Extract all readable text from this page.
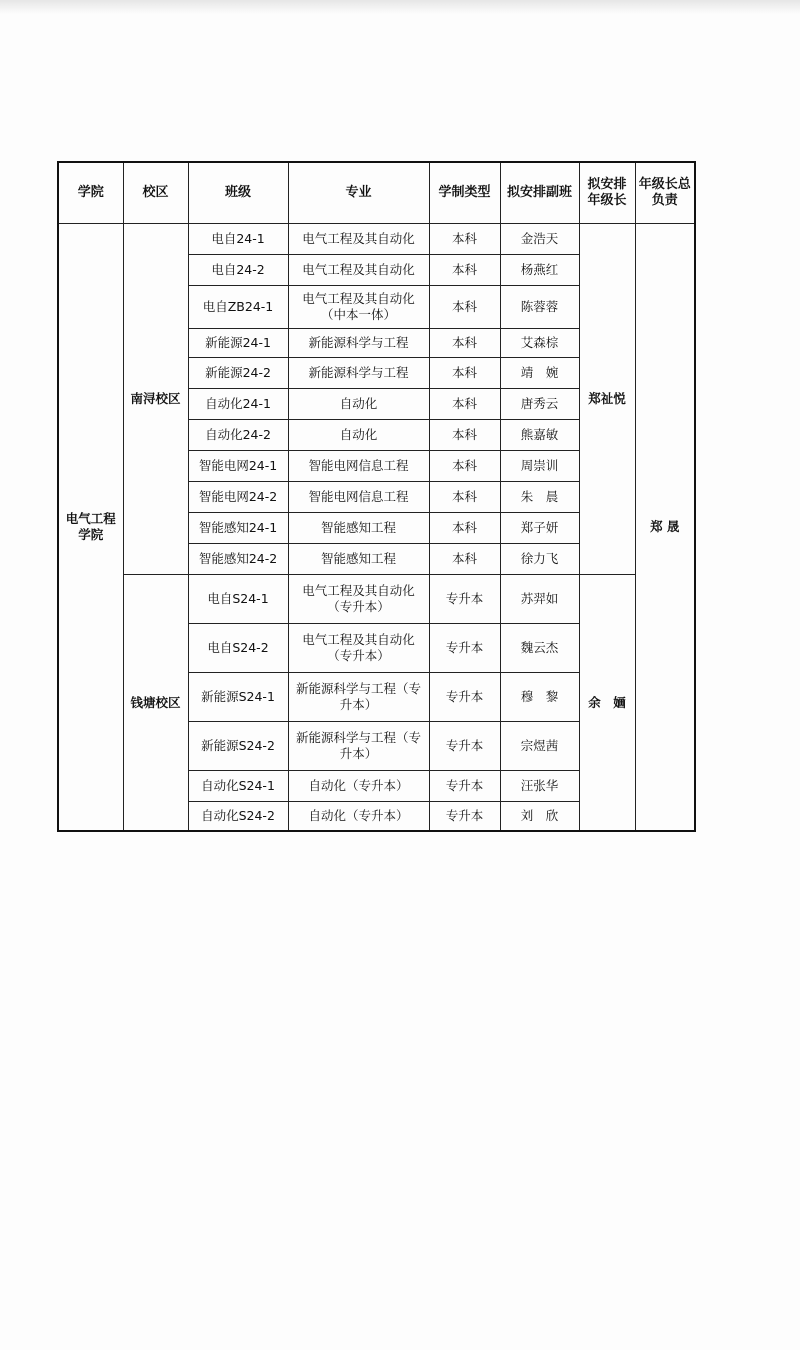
学院	校区	班级	专业	学制类型	拟安排副班	拟安排年级长	年级长总负责
电气工程学院	南浔校区	电自24-1	电气工程及其自动化	本科	金浩天	郑祉悦	郑 晟
		电自24-2	电气工程及其自动化	本科	杨燕红		
		电自ZB24-1	电气工程及其自动化（中本一体）	本科	陈蓉蓉		
		新能源24-1	新能源科学与工程	本科	艾森棕		
		新能源24-2	新能源科学与工程	本科	靖　婉		
		自动化24-1	自动化	本科	唐秀云		
		自动化24-2	自动化	本科	熊嘉敏		
		智能电网24-1	智能电网信息工程	本科	周崇训		
		智能电网24-2	智能电网信息工程	本科	朱　晨		
		智能感知24-1	智能感知工程	本科	郑子妍		
		智能感知24-2	智能感知工程	本科	徐力飞		
	钱塘校区	电自S24-1	电气工程及其自动化（专升本）	专升本	苏羿如	余　婳	
		电自S24-2	电气工程及其自动化（专升本）	专升本	魏云杰		
		新能源S24-1	新能源科学与工程（专升本）	专升本	穆　黎		
		新能源S24-2	新能源科学与工程（专升本）	专升本	宗煜茜		
		自动化S24-1	自动化（专升本）	专升本	汪张华		
		自动化S24-2	自动化（专升本）	专升本	刘　欣		
